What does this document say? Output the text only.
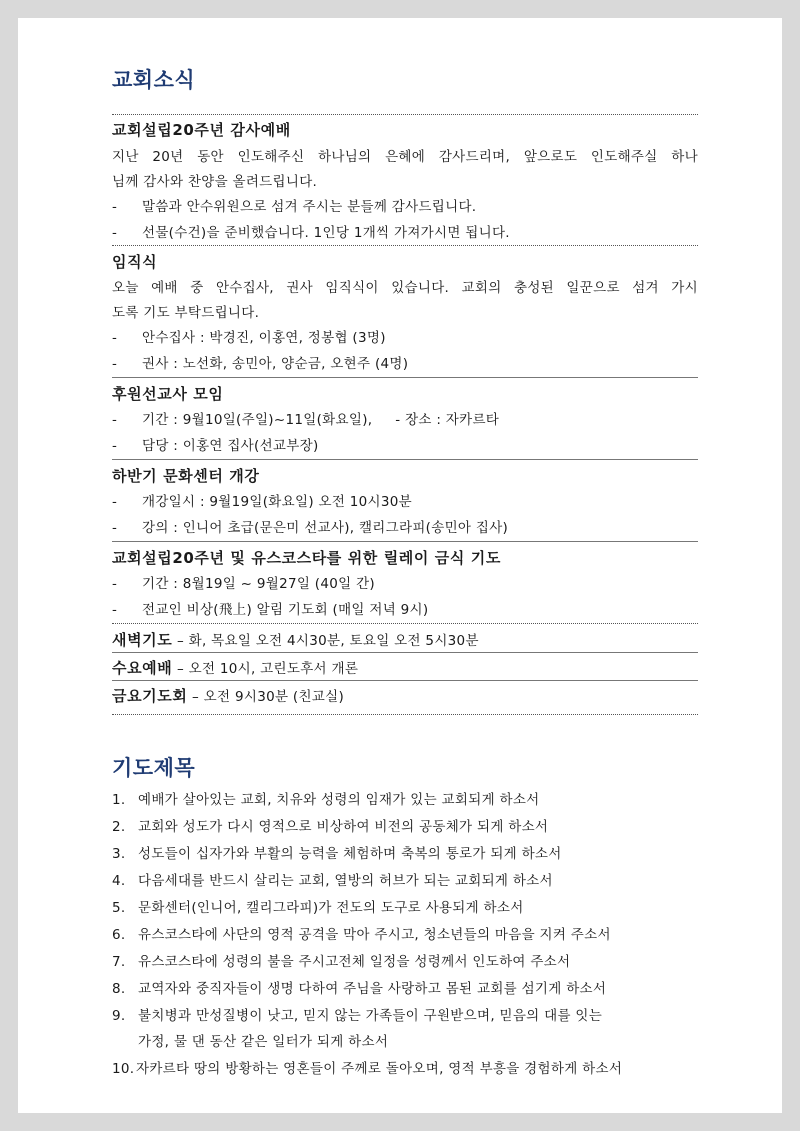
교회소식
교회설립20주년 감사예배
지난 20년 동안 인도해주신 하나님의 은혜에 감사드리며, 앞으로도 인도해주실 하나
님께 감사와 찬양을 올려드립니다.
- 말씀과 안수위원으로 섬겨 주시는 분들께 감사드립니다.
- 선물(수건)을 준비했습니다. 1인당 1개씩 가져가시면 됩니다.
임직식
오늘 예배 중 안수집사, 권사 임직식이 있습니다. 교회의 충성된 일꾼으로 섬겨 가시
도록 기도 부탁드립니다.
- 안수집사 : 박경진, 이홍연, 정봉협 (3명)
- 권사 : 노선화, 송민아, 양순금, 오현주 (4명)
후원선교사 모임
- 기간 : 9월10일(주일)~11일(화요일),     - 장소 : 자카르타
- 담당 : 이홍연 집사(선교부장)
하반기 문화센터 개강
- 개강일시 : 9월19일(화요일) 오전 10시30분
- 강의 : 인니어 초급(문은미 선교사), 캘리그라피(송민아 집사)
교회설립20주년 및 유스코스타를 위한 릴레이 금식 기도
- 기간 : 8월19일 ~ 9월27일 (40일 간)
- 전교인 비상(飛上) 알림 기도회 (매일 저녁 9시)
새벽기도 – 화, 목요일 오전 4시30분, 토요일 오전 5시30분
수요예배 – 오전 10시, 고린도후서 개론
금요기도회 – 오전 9시30분 (친교실)
기도제목
1. 예배가 살아있는 교회, 치유와 성령의 임재가 있는 교회되게 하소서
2. 교회와 성도가 다시 영적으로 비상하여 비전의 공동체가 되게 하소서
3. 성도들이 십자가와 부활의 능력을 체험하며 축복의 통로가 되게 하소서
4. 다음세대를 반드시 살리는 교회, 열방의 허브가 되는 교회되게 하소서
5. 문화센터(인니어, 캘리그라피)가 전도의 도구로 사용되게 하소서
6. 유스코스타에 사단의 영적 공격을 막아 주시고, 청소년들의 마음을 지켜 주소서
7. 유스코스타에 성령의 불을 주시고전체 일정을 성령께서 인도하여 주소서
8. 교역자와 중직자들이 생명 다하여 주님을 사랑하고 몸된 교회를 섬기게 하소서
9. 불치병과 만성질병이 낫고, 믿지 않는 가족들이 구원받으며, 믿음의 대를 잇는
가정, 물 댄 동산 같은 일터가 되게 하소서
10. 자카르타 땅의 방황하는 영혼들이 주께로 돌아오며, 영적 부흥을 경험하게 하소서
